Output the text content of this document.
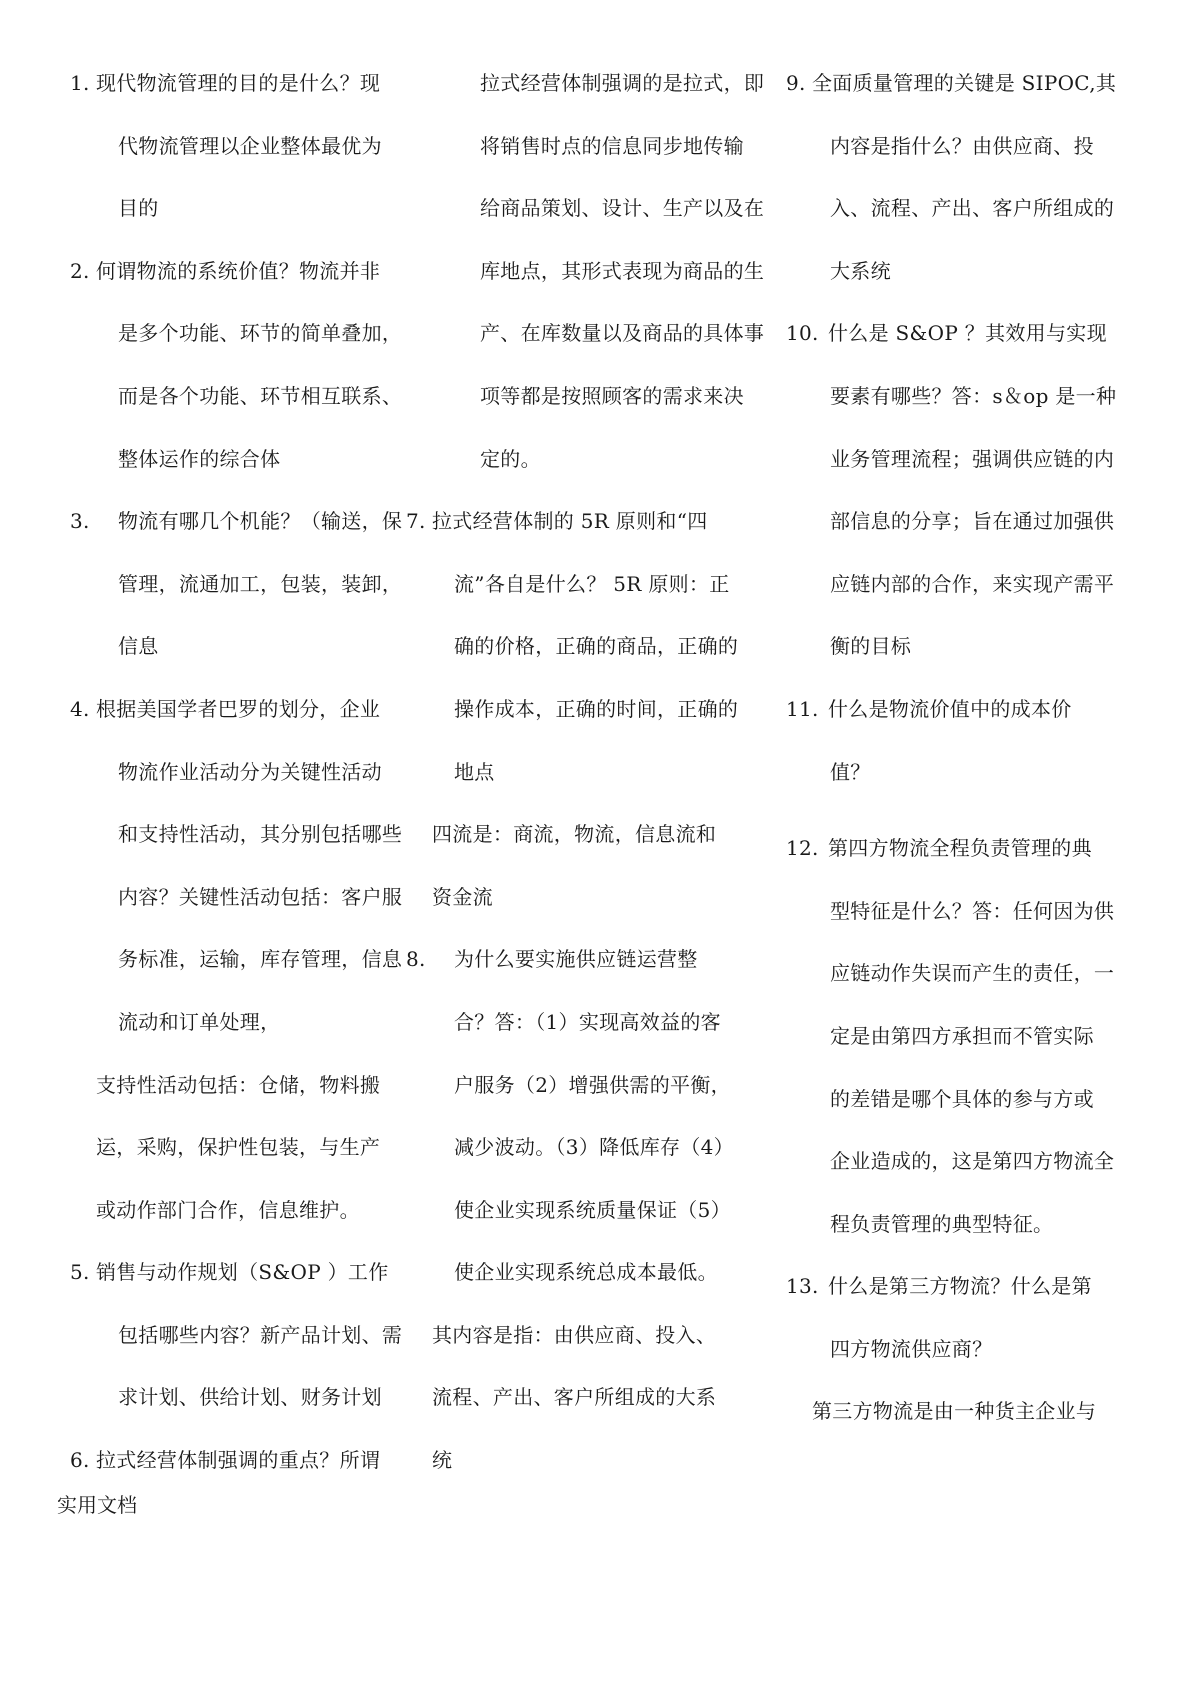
1. 现代物流管理的目的是什么？现
代物流管理以企业整体最优为
目的
2. 何谓物流的系统价值？物流并非
是多个功能、环节的简单叠加，
而是各个功能、环节相互联系、
整体运作的综合体
3. 物流有哪几个机能？（输送，保
管理，流通加工，包装，装卸，
信息
4. 根据美国学者巴罗的划分，企业
物流作业活动分为关键性活动
和支持性活动，其分别包括哪些
内容？关键性活动包括：客户服
务标准，运输，库存管理，信息
流动和订单处理，
支持性活动包括：仓储，物料搬
运，采购，保护性包装，与生产
或动作部门合作，信息维护。
5. 销售与动作规划（S&OP ）工作
包括哪些内容？新产品计划、需
求计划、供给计划、财务计划
6. 拉式经营体制强调的重点？所谓
拉式经营体制强调的是拉式，即
将销售时点的信息同步地传输
给商品策划、设计、生产以及在
库地点，其形式表现为商品的生
产、在库数量以及商品的具体事
项等都是按照顾客的需求来决
定的。
7. 拉式经营体制的 5R 原则和“四
流”各自是什么？ 5R 原则：正
确的价格，正确的商品，正确的
操作成本，正确的时间，正确的
地点
四流是：商流，物流，信息流和
资金流
8. 为什么要实施供应链运营整
合？答：（1）实现高效益的客
户服务（2）增强供需的平衡，
减少波动。（3）降低库存（4）
使企业实现系统质量保证（5）
使企业实现系统总成本最低。
其内容是指：由供应商、投入、
流程、产出、客户所组成的大系
统
9. 全面质量管理的关键是 SIPOC,其
内容是指什么？由供应商、投
入、流程、产出、客户所组成的
大系统
10. 什么是 S&OP ？其效用与实现
要素有哪些？答：s＆op 是一种
业务管理流程；强调供应链的内
部信息的分享；旨在通过加强供
应链内部的合作，来实现产需平
衡的目标
11. 什么是物流价值中的成本价
值？
12. 第四方物流全程负责管理的典
型特征是什么？答：任何因为供
应链动作失误而产生的责任，一
定是由第四方承担而不管实际
的差错是哪个具体的参与方或
企业造成的，这是第四方物流全
程负责管理的典型特征。
13. 什么是第三方物流？什么是第
四方物流供应商？
第三方物流是由一种货主企业与
实用文档
